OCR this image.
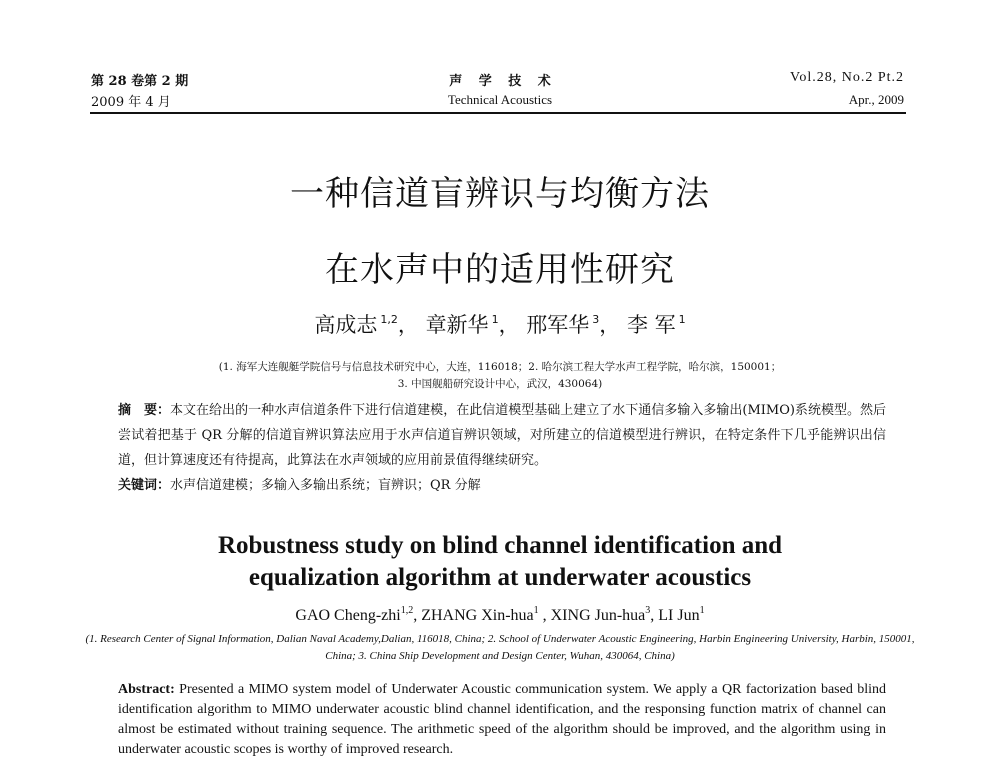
第 28 卷第 2 期
2009 年 4 月
声 学 技 术
Technical Acoustics
Vol.28, No.2 Pt.2
Apr., 2009
一种信道盲辨识与均衡方法
在水声中的适用性研究
高成志 $^{1,2}$， 章新华 $^1$， 邢军华 $^3$， 李 军 $^1$
(1. 海军大连舰艇学院信号与信息技术研究中心，大连，116018；2. 哈尔滨工程大学水声工程学院，哈尔滨，150001；
3. 中国舰船研究设计中心，武汉，430064)
摘　要：本文在给出的一种水声信道条件下进行信道建模，在此信道模型基础上建立了水下通信多输入多输出(MIMO)系统模型。然后尝试着把基于 QR 分解的信道盲辨识算法应用于水声信道盲辨识领域，对所建立的信道模型进行辨识，在特定条件下几乎能辨识出信道，但计算速度还有待提高，此算法在水声领域的应用前景值得继续研究。
关键词：水声信道建模；多输入多输出系统；盲辨识；QR 分解
Robustness study on blind channel identification and
equalization algorithm at underwater acoustics
GAO Cheng-zhi$^{1,2}$, ZHANG Xin-hua$^1$ , XING Jun-hua$^3$, LI Jun$^1$
(1. Research Center of Signal Information, Dalian Naval Academy,Dalian, 116018, China; 2. School of Underwater Acoustic Engineering, Harbin Engineering University, Harbin, 150001, China; 3. China Ship Development and Design Center, Wuhan, 430064, China)
Abstract: Presented a MIMO system model of Underwater Acoustic communication system. We apply a QR factorization based blind identification algorithm to MIMO underwater acoustic blind channel identification, and the responsing function matrix of channel can almost be estimated without training sequence. The arithmetic speed of the algorithm should be improved, and the algorithm using in underwater acoustic scopes is worthy of improved research.
